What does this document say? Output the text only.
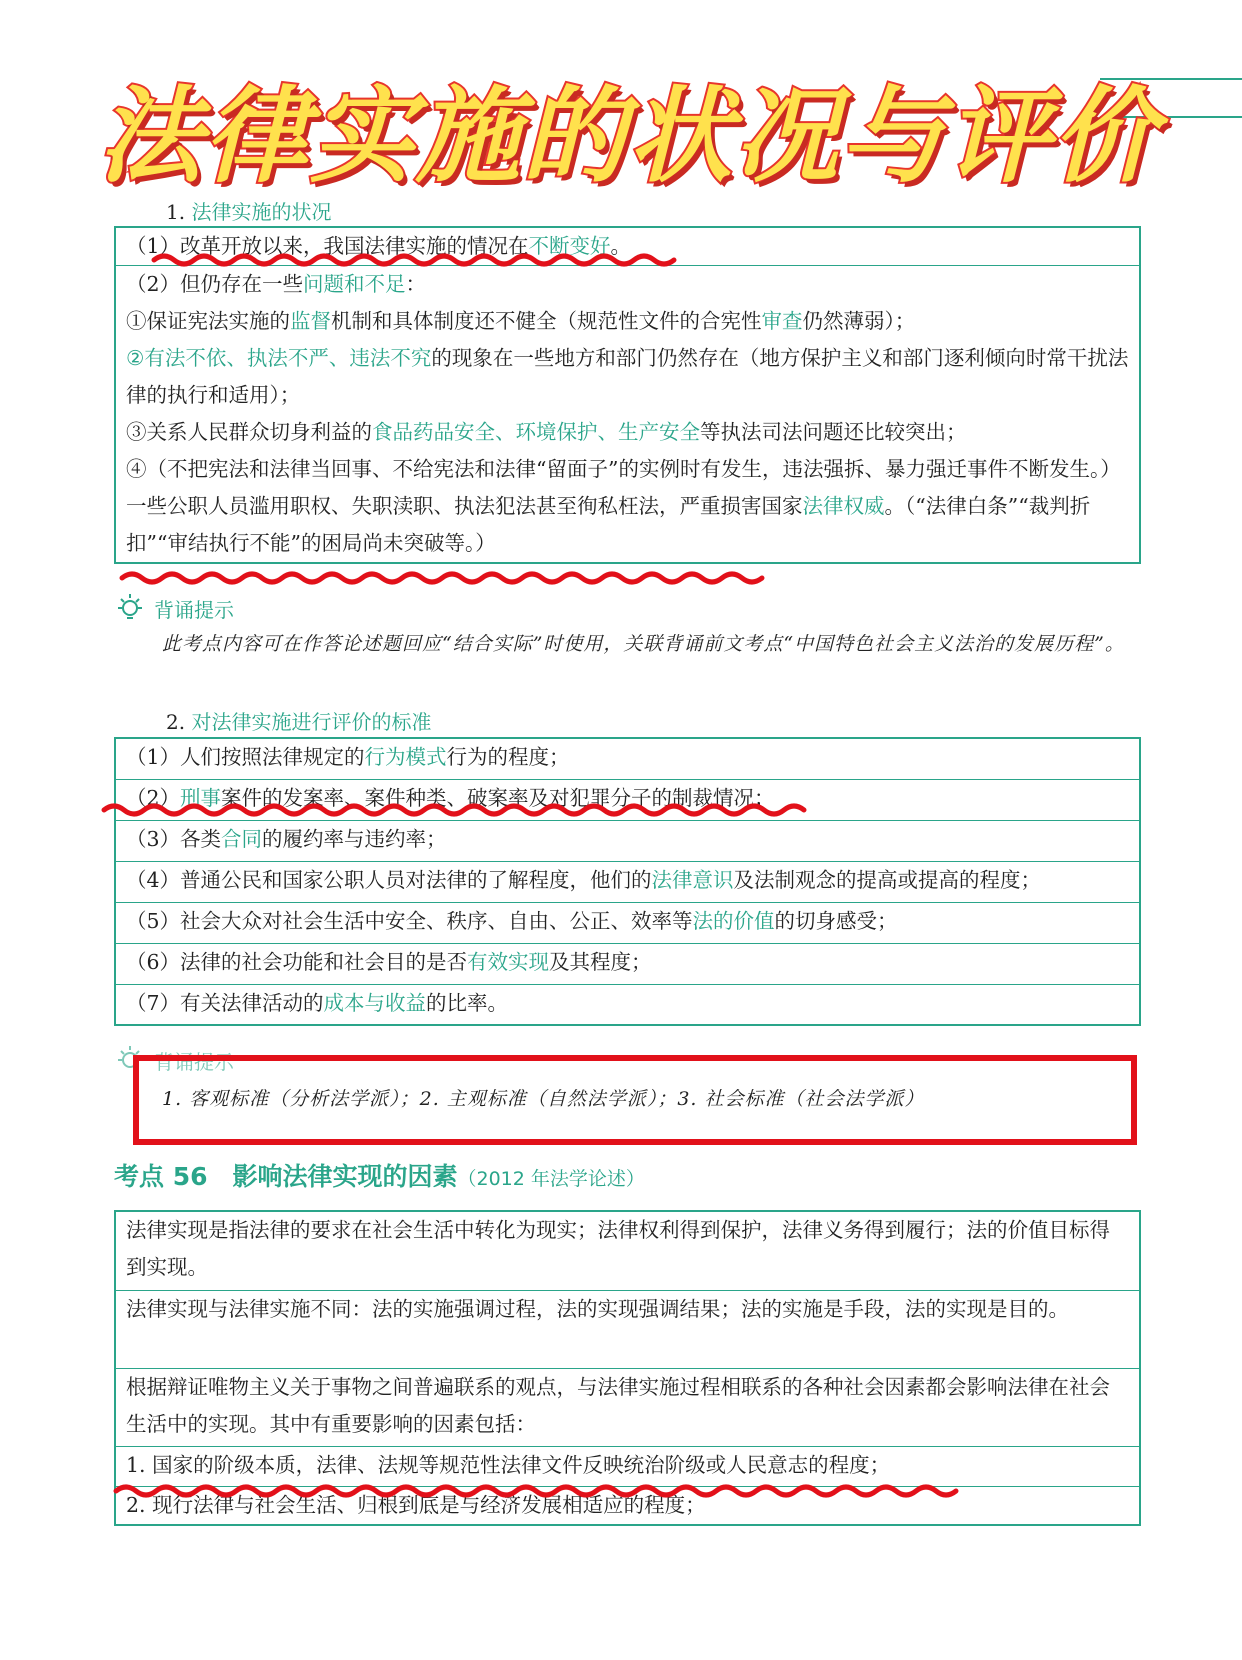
法律实施的状况与评价
1. 法律实施的状况
（1）改革开放以来，我国法律实施的情况在不断变好。
（2）但仍存在一些问题和不足：
①保证宪法实施的监督机制和具体制度还不健全（规范性文件的合宪性审查仍然薄弱）；
②有法不依、执法不严、违法不究的现象在一些地方和部门仍然存在（地方保护主义和部门逐利倾向时常干扰法律的执行和适用）；
③关系人民群众切身利益的食品药品安全、环境保护、生产安全等执法司法问题还比较突出；
④（不把宪法和法律当回事、不给宪法和法律“留面子”的实例时有发生，违法强拆、暴力强迁事件不断发生。）一些公职人员滥用职权、失职渎职、执法犯法甚至徇私枉法，严重损害国家法律权威。（“法律白条”“裁判折扣”“审结执行不能”的困局尚未突破等。）
背诵提示
此考点内容可在作答论述题回应“结合实际”时使用，关联背诵前文考点“中国特色社会主义法治的发展历程”。
2. 对法律实施进行评价的标准
（1）人们按照法律规定的行为模式行为的程度；
（2）刑事案件的发案率、案件种类、破案率及对犯罪分子的制裁情况；
（3）各类合同的履约率与违约率；
（4）普通公民和国家公职人员对法律的了解程度，他们的法律意识及法制观念的提高或提高的程度；
（5）社会大众对社会生活中安全、秩序、自由、公正、效率等法的价值的切身感受；
（6）法律的社会功能和社会目的是否有效实现及其程度；
（7）有关法律活动的成本与收益的比率。
背诵提示
1. 客观标准（分析法学派）；2. 主观标准（自然法学派）；3. 社会标准（社会法学派）
考点 56　影响法律实现的因素（2012 年法学论述）
法律实现是指法律的要求在社会生活中转化为现实；法律权利得到保护，法律义务得到履行；法的价值目标得到实现。
法律实现与法律实施不同：法的实施强调过程，法的实现强调结果；法的实施是手段，法的实现是目的。
根据辩证唯物主义关于事物之间普遍联系的观点，与法律实施过程相联系的各种社会因素都会影响法律在社会生活中的实现。其中有重要影响的因素包括：
1. 国家的阶级本质，法律、法规等规范性法律文件反映统治阶级或人民意志的程度；
2. 现行法律与社会生活、归根到底是与经济发展相适应的程度；
